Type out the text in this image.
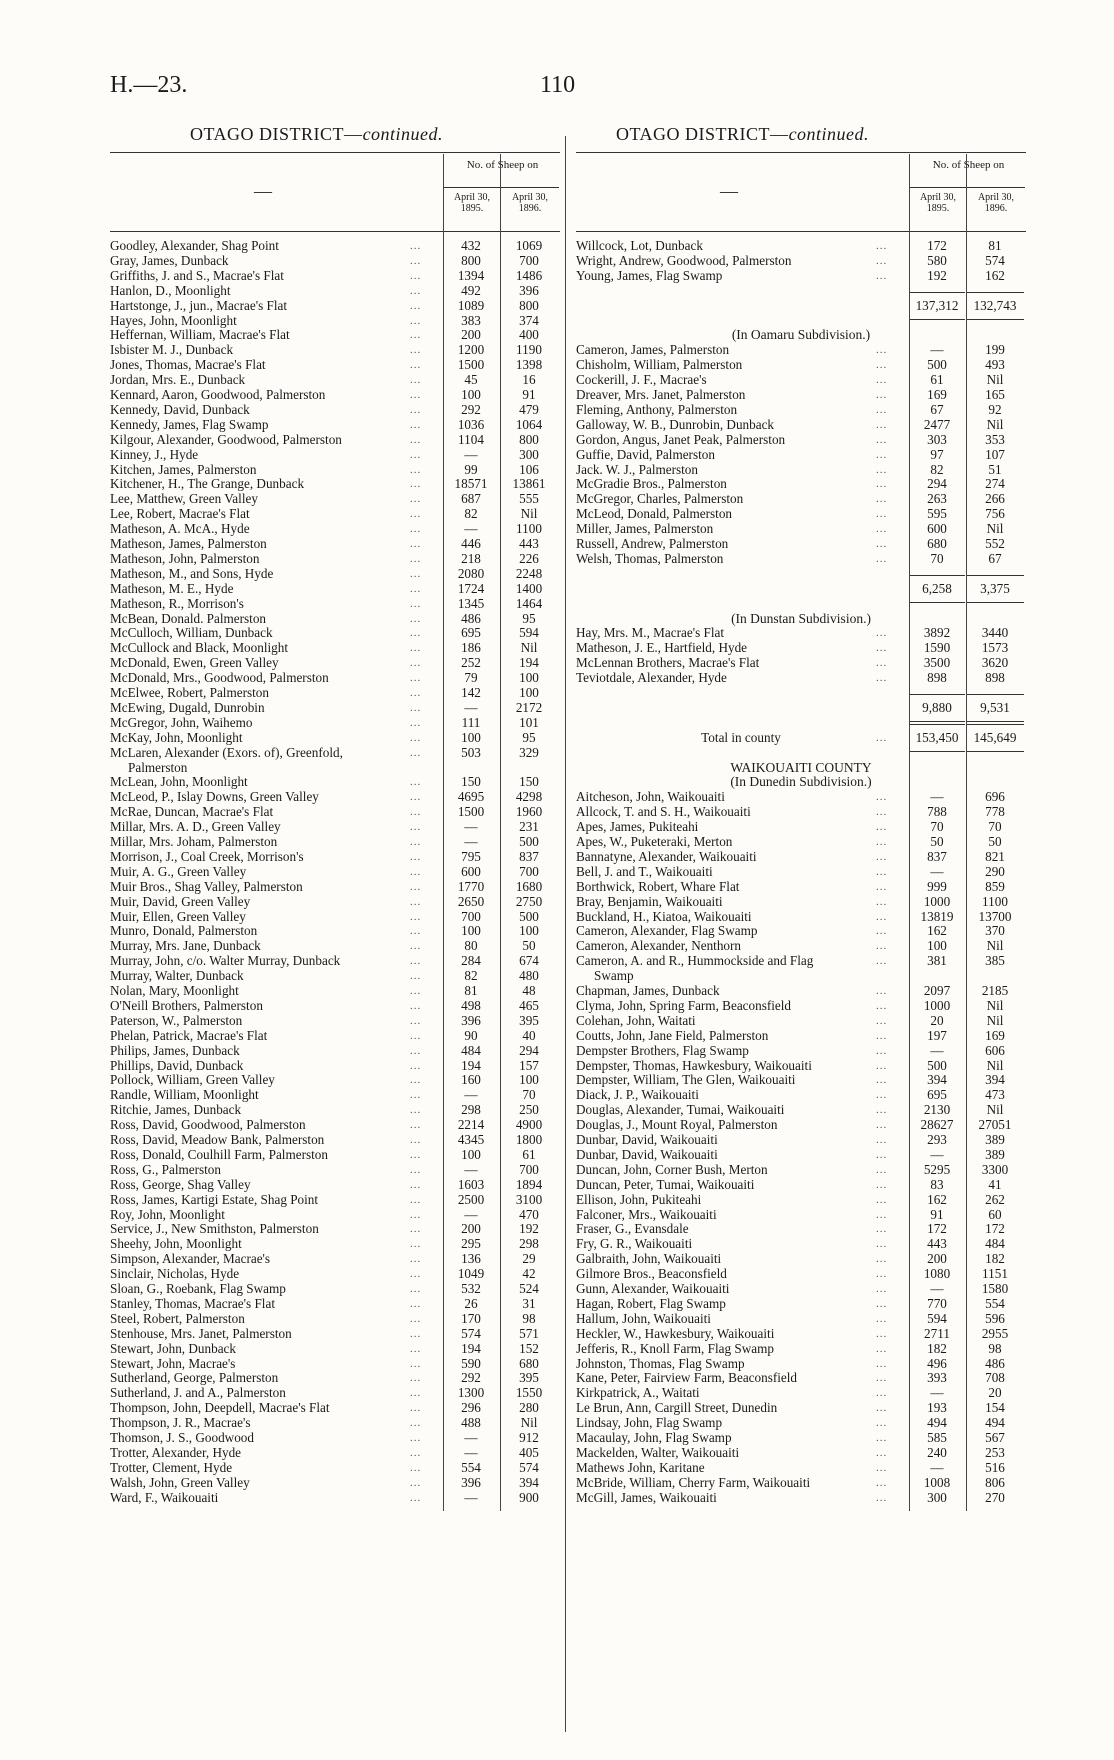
H.—23.	110
OTAGO DISTRICT—continued.	OTAGO DISTRICT—continued.
—
No. of Sheep on
April 30, 1895.
April 30, 1896.
Goodley, Alexander, Shag Point	...	432	1069
Gray, James, Dunback	...	800	700
Griffiths, J. and S., Macrae's Flat	...	1394	1486
Hanlon, D., Moonlight	...	492	396
Hartstonge, J., jun., Macrae's Flat	...	1089	800
Hayes, John, Moonlight	...	383	374
Heffernan, William, Macrae's Flat	...	200	400
Isbister M. J., Dunback	...	1200	1190
Jones, Thomas, Macrae's Flat	...	1500	1398
Jordan, Mrs. E., Dunback	...	45	16
Kennard, Aaron, Goodwood, Palmerston	...	100	91
Kennedy, David, Dunback	...	292	479
Kennedy, James, Flag Swamp	...	1036	1064
Kilgour, Alexander, Goodwood, Palmerston	...	1104	800
Kinney, J., Hyde	...	—	300
Kitchen, James, Palmerston	...	99	106
Kitchener, H., The Grange, Dunback	...	18571	13861
Lee, Matthew, Green Valley	...	687	555
Lee, Robert, Macrae's Flat	...	82	Nil
Matheson, A. McA., Hyde	...	—	1100
Matheson, James, Palmerston	...	446	443
Matheson, John, Palmerston	...	218	226
Matheson, M., and Sons, Hyde	...	2080	2248
Matheson, M. E., Hyde	...	1724	1400
Matheson, R., Morrison's	...	1345	1464
McBean, Donald. Palmerston	...	486	95
McCulloch, William, Dunback	...	695	594
McCullock and Black, Moonlight	...	186	Nil
McDonald, Ewen, Green Valley	...	252	194
McDonald, Mrs., Goodwood, Palmerston	...	79	100
McElwee, Robert, Palmerston	...	142	100
McEwing, Dugald, Dunrobin	...	—	2172
McGregor, John, Waihemo	...	111	101
McKay, John, Moonlight	...	100	95
McLaren, Alexander (Exors. of), Greenfold,	...	503	329
Palmerston
McLean, John, Moonlight	...	150	150
McLeod, P., Islay Downs, Green Valley	...	4695	4298
McRae, Duncan, Macrae's Flat	...	1500	1960
Millar, Mrs. A. D., Green Valley	...	—	231
Millar, Mrs. Joham, Palmerston	...	—	500
Morrison, J., Coal Creek, Morrison's	...	795	837
Muir, A. G., Green Valley	...	600	700
Muir Bros., Shag Valley, Palmerston	...	1770	1680
Muir, David, Green Valley	...	2650	2750
Muir, Ellen, Green Valley	...	700	500
Munro, Donald, Palmerston	...	100	100
Murray, Mrs. Jane, Dunback	...	80	50
Murray, John, c/o. Walter Murray, Dunback	...	284	674
Murray, Walter, Dunback	...	82	480
Nolan, Mary, Moonlight	...	81	48
O'Neill Brothers, Palmerston	...	498	465
Paterson, W., Palmerston	...	396	395
Phelan, Patrick, Macrae's Flat	...	90	40
Philips, James, Dunback	...	484	294
Phillips, David, Dunback	...	194	157
Pollock, William, Green Valley	...	160	100
Randle, William, Moonlight	...	—	70
Ritchie, James, Dunback	...	298	250
Ross, David, Goodwood, Palmerston	...	2214	4900
Ross, David, Meadow Bank, Palmerston	...	4345	1800
Ross, Donald, Coulhill Farm, Palmerston	...	100	61
Ross, G., Palmerston	...	—	700
Ross, George, Shag Valley	...	1603	1894
Ross, James, Kartigi Estate, Shag Point	...	2500	3100
Roy, John, Moonlight	...	—	470
Service, J., New Smithston, Palmerston	...	200	192
Sheehy, John, Moonlight	...	295	298
Simpson, Alexander, Macrae's	...	136	29
Sinclair, Nicholas, Hyde	...	1049	42
Sloan, G., Roebank, Flag Swamp	...	532	524
Stanley, Thomas, Macrae's Flat	...	26	31
Steel, Robert, Palmerston	...	170	98
Stenhouse, Mrs. Janet, Palmerston	...	574	571
Stewart, John, Dunback	...	194	152
Stewart, John, Macrae's	...	590	680
Sutherland, George, Palmerston	...	292	395
Sutherland, J. and A., Palmerston	...	1300	1550
Thompson, John, Deepdell, Macrae's Flat	...	296	280
Thompson, J. R., Macrae's	...	488	Nil
Thomson, J. S., Goodwood	...	—	912
Trotter, Alexander, Hyde	...	—	405
Trotter, Clement, Hyde	...	554	574
Walsh, John, Green Valley	...	396	394
Ward, F., Waikouaiti	...	—	900
—
No. of Sheep on
April 30, 1895.
April 30, 1896.
Willcock, Lot, Dunback	...	172	81
Wright, Andrew, Goodwood, Palmerston	...	580	574
Young, James, Flag Swamp	...	192	162
137,312	132,743
(In Oamaru Subdivision.)
Cameron, James, Palmerston	...	—	199
Chisholm, William, Palmerston	...	500	493
Cockerill, J. F., Macrae's	...	61	Nil
Dreaver, Mrs. Janet, Palmerston	...	169	165
Fleming, Anthony, Palmerston	...	67	92
Galloway, W. B., Dunrobin, Dunback	...	2477	Nil
Gordon, Angus, Janet Peak, Palmerston	...	303	353
Guffie, David, Palmerston	...	97	107
Jack. W. J., Palmerston	...	82	51
McGradie Bros., Palmerston	...	294	274
McGregor, Charles, Palmerston	...	263	266
McLeod, Donald, Palmerston	...	595	756
Miller, James, Palmerston	...	600	Nil
Russell, Andrew, Palmerston	...	680	552
Welsh, Thomas, Palmerston	...	70	67
6,258	3,375
(In Dunstan Subdivision.)
Hay, Mrs. M., Macrae's Flat	...	3892	3440
Matheson, J. E., Hartfield, Hyde	...	1590	1573
McLennan Brothers, Macrae's Flat	...	3500	3620
Teviotdale, Alexander, Hyde	...	898	898
9,880	9,531
Total in county	...	153,450	145,649
WAIKOUAITI COUNTY
(In Dunedin Subdivision.)
Aitcheson, John, Waikouaiti	...	—	696
Allcock, T. and S. H., Waikouaiti	...	788	778
Apes, James, Pukiteahi	...	70	70
Apes, W., Puketeraki, Merton	...	50	50
Bannatyne, Alexander, Waikouaiti	...	837	821
Bell, J. and T., Waikouaiti	...	—	290
Borthwick, Robert, Whare Flat	...	999	859
Bray, Benjamin, Waikouaiti	...	1000	1100
Buckland, H., Kiatoa, Waikouaiti	...	13819	13700
Cameron, Alexander, Flag Swamp	...	162	370
Cameron, Alexander, Nenthorn	...	100	Nil
Cameron, A. and R., Hummockside and Flag	...	381	385
Swamp
Chapman, James, Dunback	...	2097	2185
Clyma, John, Spring Farm, Beaconsfield	...	1000	Nil
Colehan, John, Waitati	...	20	Nil
Coutts, John, Jane Field, Palmerston	...	197	169
Dempster Brothers, Flag Swamp	...	—	606
Dempster, Thomas, Hawkesbury, Waikouaiti	...	500	Nil
Dempster, William, The Glen, Waikouaiti	...	394	394
Diack, J. P., Waikouaiti	...	695	473
Douglas, Alexander, Tumai, Waikouaiti	...	2130	Nil
Douglas, J., Mount Royal, Palmerston	...	28627	27051
Dunbar, David, Waikouaiti	...	293	389
Dunbar, David, Waikouaiti	...	—	389
Duncan, John, Corner Bush, Merton	...	5295	3300
Duncan, Peter, Tumai, Waikouaiti	...	83	41
Ellison, John, Pukiteahi	...	162	262
Falconer, Mrs., Waikouaiti	...	91	60
Fraser, G., Evansdale	...	172	172
Fry, G. R., Waikouaiti	...	443	484
Galbraith, John, Waikouaiti	...	200	182
Gilmore Bros., Beaconsfield	...	1080	1151
Gunn, Alexander, Waikouaiti	...	—	1580
Hagan, Robert, Flag Swamp	...	770	554
Hallum, John, Waikouaiti	...	594	596
Heckler, W., Hawkesbury, Waikouaiti	...	2711	2955
Jefferis, R., Knoll Farm, Flag Swamp	...	182	98
Johnston, Thomas, Flag Swamp	...	496	486
Kane, Peter, Fairview Farm, Beaconsfield	...	393	708
Kirkpatrick, A., Waitati	...	—	20
Le Brun, Ann, Cargill Street, Dunedin	...	193	154
Lindsay, John, Flag Swamp	...	494	494
Macaulay, John, Flag Swamp	...	585	567
Mackelden, Walter, Waikouaiti	...	240	253
Mathews John, Karitane	...	—	516
McBride, William, Cherry Farm, Waikouaiti	...	1008	806
McGill, James, Waikouaiti	...	300	270
